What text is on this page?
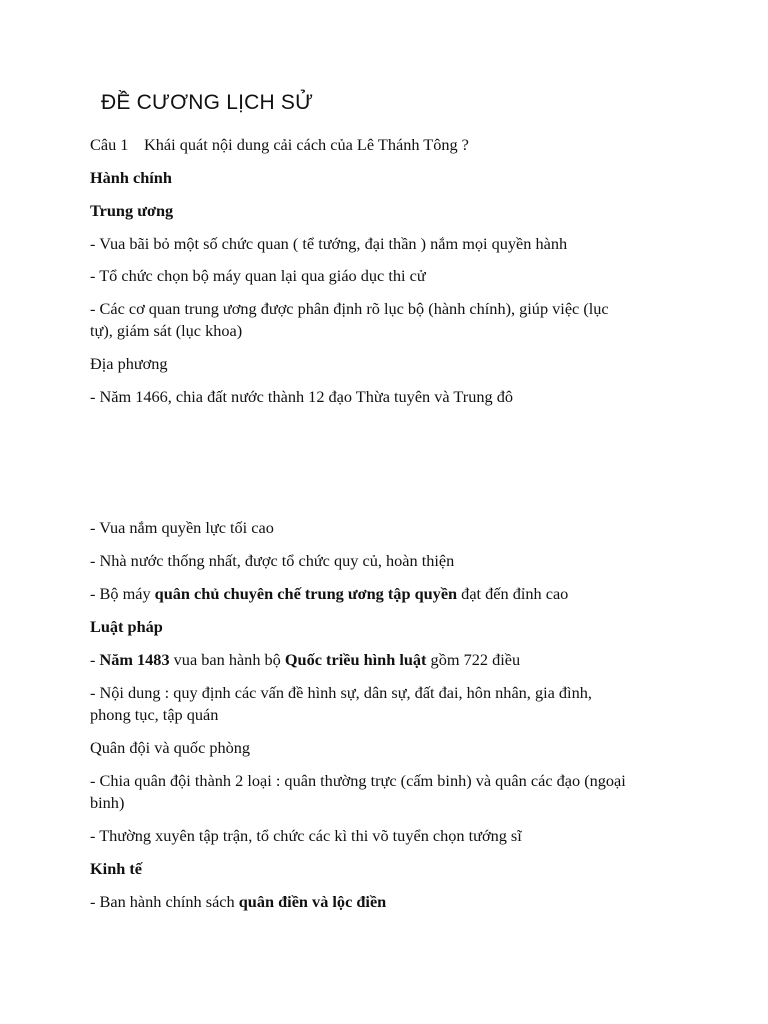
ĐỀ CƯƠNG LỊCH SỬ

Câu 1 Khái quát nội dung cải cách của Lê Thánh Tông ?

Hành chính

Trung ương

- Vua bãi bỏ một số chức quan ( tể tướng, đại thần ) nắm mọi quyền hành

- Tổ chức chọn bộ máy quan lại qua giáo dục thi cử

- Các cơ quan trung ương được phân định rõ lục bộ (hành chính), giúp việc (lục

tự), giám sát (lục khoa)

Địa phương

- Năm 1466, chia đất nước thành 12 đạo Thừa tuyên và Trung đô

- Vua nắm quyền lực tối cao

- Nhà nước thống nhất, được tổ chức quy củ, hoàn thiện

- Bộ máy quân chủ chuyên chế trung ương tập quyền đạt đến đỉnh cao

Luật pháp

- Năm 1483 vua ban hành bộ Quốc triều hình luật gồm 722 điều

- Nội dung : quy định các vấn đề hình sự, dân sự, đất đai, hôn nhân, gia đình,

phong tục, tập quán

Quân đội và quốc phòng

- Chia quân đội thành 2 loại : quân thường trực (cấm binh) và quân các đạo (ngoại

binh)

- Thường xuyên tập trận, tổ chức các kì thi võ tuyển chọn tướng sĩ

Kinh tế

- Ban hành chính sách quân điền và lộc điền
